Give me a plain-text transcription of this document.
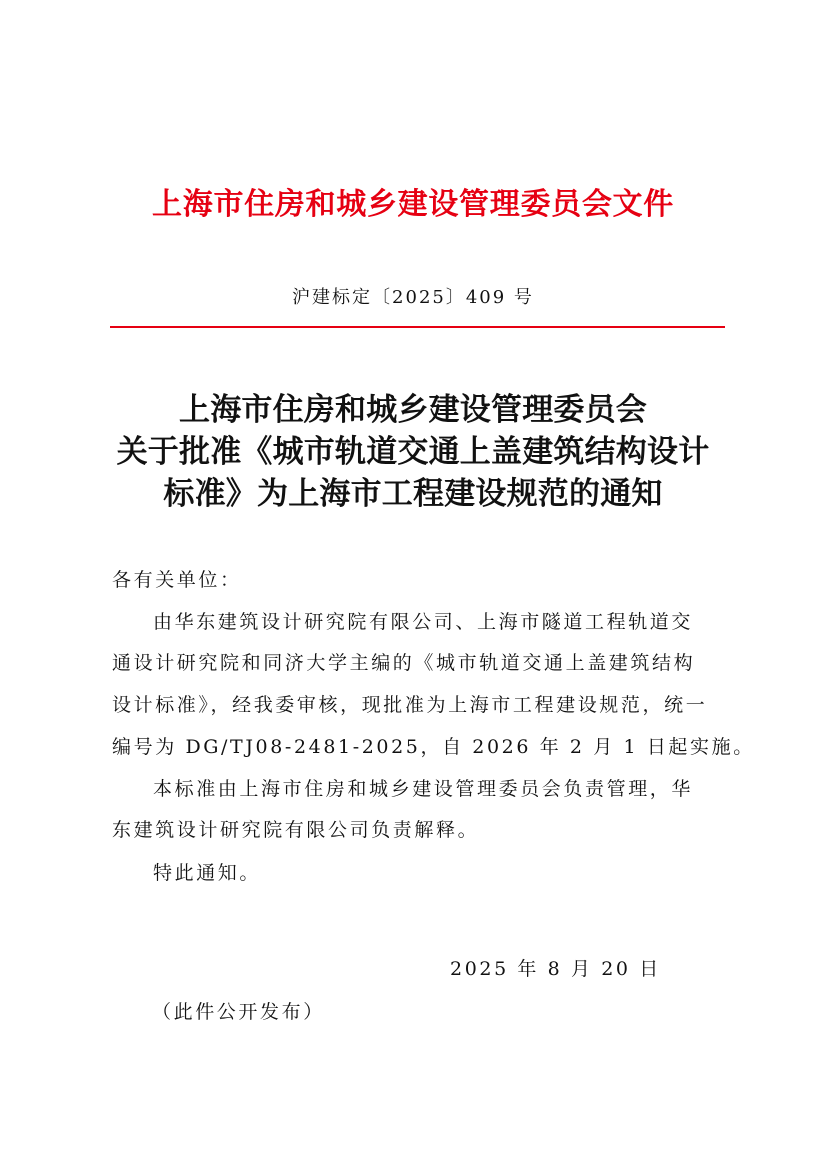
上海市住房和城乡建设管理委员会文件
沪建标定〔2025〕409 号
上海市住房和城乡建设管理委员会
关于批准《城市轨道交通上盖建筑结构设计
标准》为上海市工程建设规范的通知
各有关单位：
由华东建筑设计研究院有限公司、上海市隧道工程轨道交
通设计研究院和同济大学主编的《城市轨道交通上盖建筑结构
设计标准》，经我委审核，现批准为上海市工程建设规范，统一
编号为 DG/TJ08-2481-2025，自 2026 年 2 月 1 日起实施。
本标准由上海市住房和城乡建设管理委员会负责管理，华
东建筑设计研究院有限公司负责解释。
特此通知。
2025 年 8 月 20 日
（此件公开发布）
